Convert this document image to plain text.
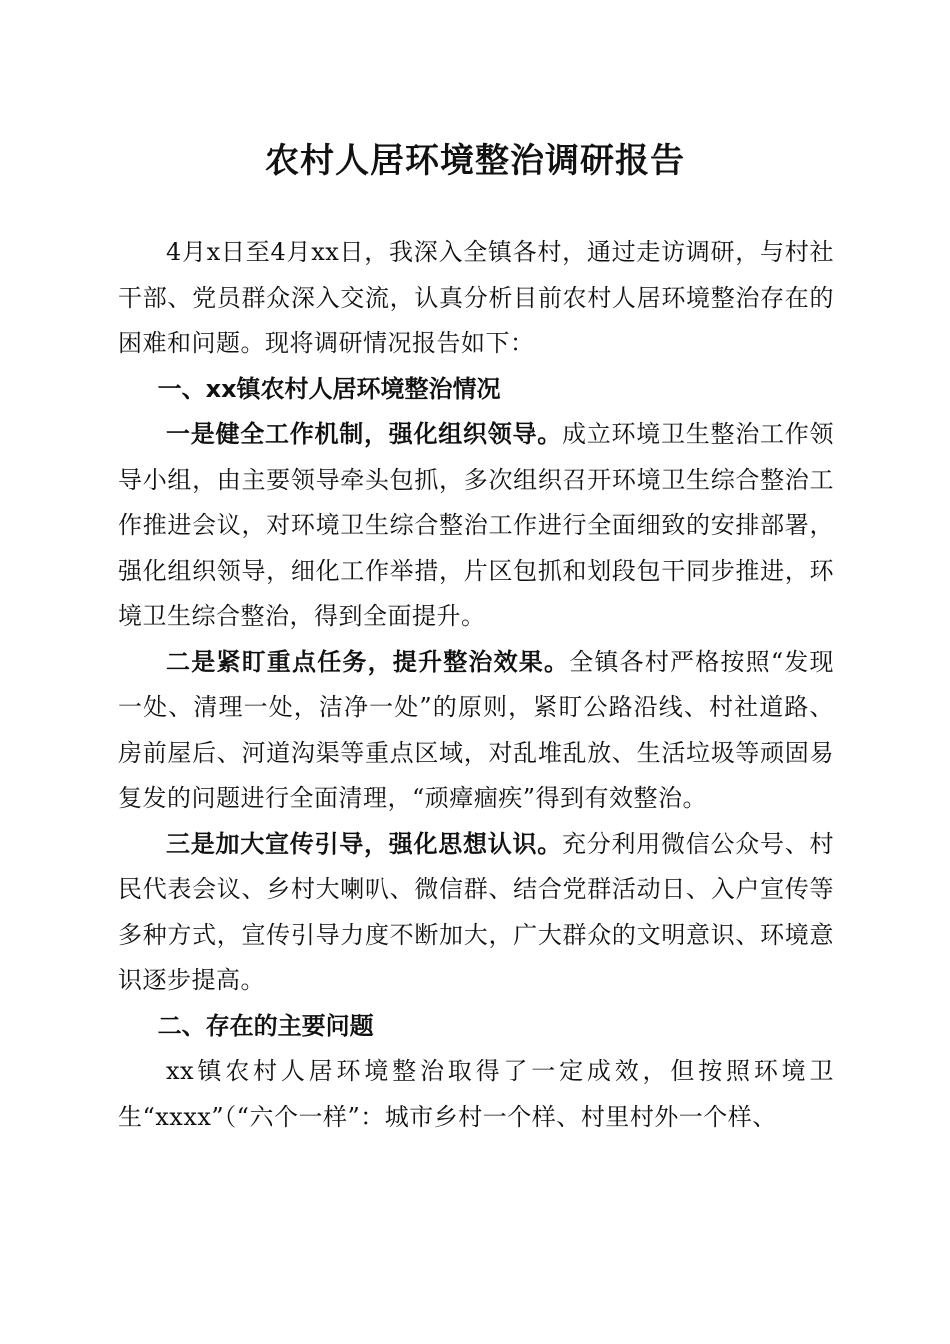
农村人居环境整治调研报告

4月x日至4月xx日，我深入全镇各村，通过走访调研，与村社干部、党员群众深入交流，认真分析目前农村人居环境整治存在的困难和问题。现将调研情况报告如下：

一、xx镇农村人居环境整治情况

一是健全工作机制，强化组织领导。成立环境卫生整治工作领导小组，由主要领导牵头包抓，多次组织召开环境卫生综合整治工作推进会议，对环境卫生综合整治工作进行全面细致的安排部署，强化组织领导，细化工作举措，片区包抓和划段包干同步推进，环境卫生综合整治，得到全面提升。

二是紧盯重点任务，提升整治效果。全镇各村严格按照“发现一处、清理一处，洁净一处”的原则，紧盯公路沿线、村社道路、房前屋后、河道沟渠等重点区域，对乱堆乱放、生活垃圾等顽固易复发的问题进行全面清理，“顽瘴痼疾”得到有效整治。

三是加大宣传引导，强化思想认识。充分利用微信公众号、村民代表会议、乡村大喇叭、微信群、结合党群活动日、入户宣传等多种方式，宣传引导力度不断加大，广大群众的文明意识、环境意识逐步提高。

二、存在的主要问题

xx镇农村人居环境整治取得了一定成效，但按照环境卫生“xxxx”（“六个一样”：城市乡村一个样、村里村外一个样、
